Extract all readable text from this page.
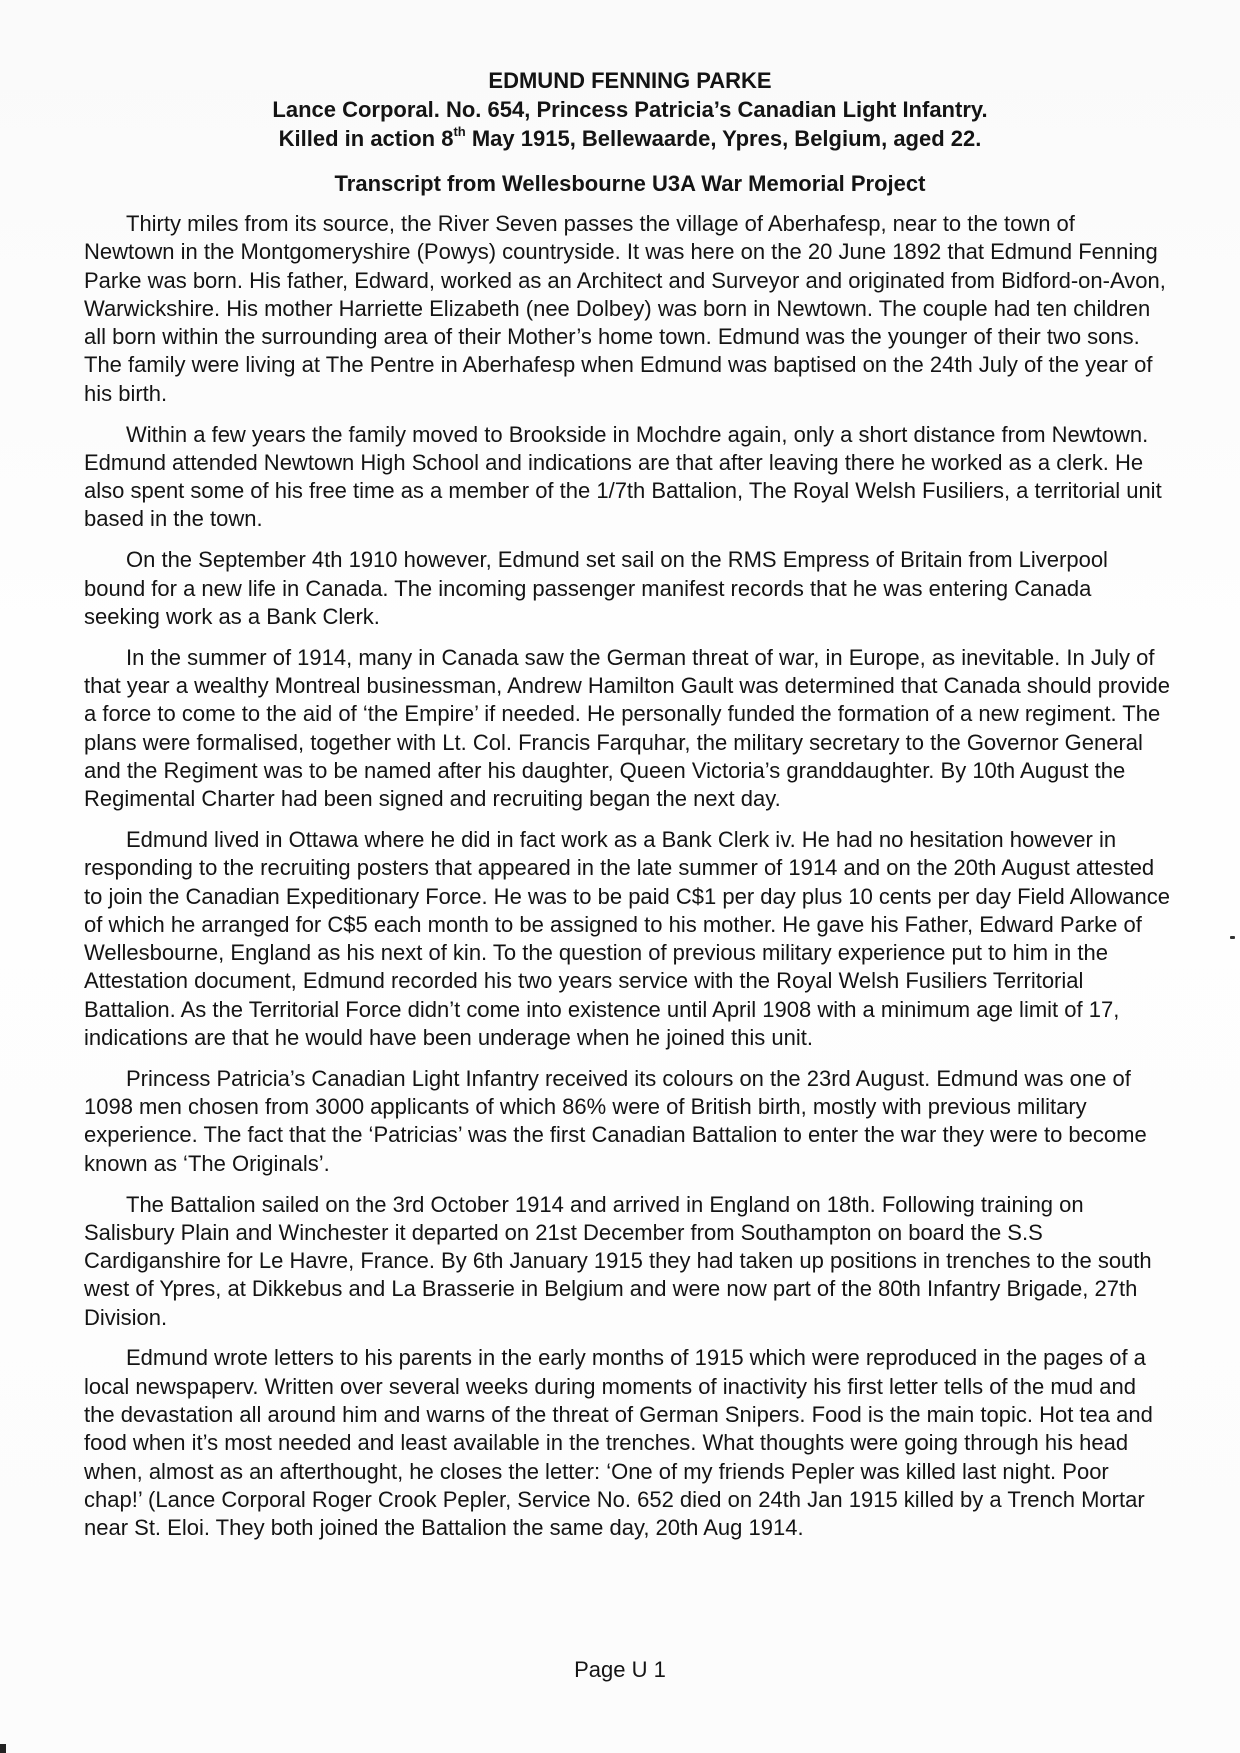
EDMUND FENNING PARKE
Lance Corporal. No. 654, Princess Patricia’s Canadian Light Infantry.
Killed in action 8th May 1915, Bellewaarde, Ypres, Belgium, aged 22.
Transcript from Wellesbourne U3A War Memorial Project

Thirty miles from its source, the River Seven passes the village of Aberhafesp, near to the town of Newtown in the Montgomeryshire (Powys) countryside. It was here on the 20 June 1892 that Edmund Fenning Parke was born. His father, Edward, worked as an Architect and Surveyor and originated from Bidford-on-Avon, Warwickshire. His mother Harriette Elizabeth (nee Dolbey) was born in Newtown. The couple had ten children all born within the surrounding area of their Mother’s home town. Edmund was the younger of their two sons. The family were living at The Pentre in Aberhafesp when Edmund was baptised on the 24th July of the year of his birth.

Within a few years the family moved to Brookside in Mochdre again, only a short distance from Newtown. Edmund attended Newtown High School and indications are that after leaving there he worked as a clerk. He also spent some of his free time as a member of the 1/7th Battalion, The Royal Welsh Fusiliers, a territorial unit based in the town.

On the September 4th 1910 however, Edmund set sail on the RMS Empress of Britain from Liverpool bound for a new life in Canada. The incoming passenger manifest records that he was entering Canada seeking work as a Bank Clerk.

In the summer of 1914, many in Canada saw the German threat of war, in Europe, as inevitable. In July of that year a wealthy Montreal businessman, Andrew Hamilton Gault was determined that Canada should provide a force to come to the aid of ‘the Empire’ if needed. He personally funded the formation of a new regiment. The plans were formalised, together with Lt. Col. Francis Farquhar, the military secretary to the Governor General and the Regiment was to be named after his daughter, Queen Victoria’s granddaughter. By 10th August the Regimental Charter had been signed and recruiting began the next day.

Edmund lived in Ottawa where he did in fact work as a Bank Clerk iv. He had no hesitation however in responding to the recruiting posters that appeared in the late summer of 1914 and on the 20th August attested to join the Canadian Expeditionary Force. He was to be paid C$1 per day plus 10 cents per day Field Allowance of which he arranged for C$5 each month to be assigned to his mother. He gave his Father, Edward Parke of Wellesbourne, England as his next of kin. To the question of previous military experience put to him in the Attestation document, Edmund recorded his two years service with the Royal Welsh Fusiliers Territorial Battalion. As the Territorial Force didn’t come into existence until April 1908 with a minimum age limit of 17, indications are that he would have been underage when he joined this unit.

Princess Patricia’s Canadian Light Infantry received its colours on the 23rd August. Edmund was one of 1098 men chosen from 3000 applicants of which 86% were of British birth, mostly with previous military experience. The fact that the ‘Patricias’ was the first Canadian Battalion to enter the war they were to become known as ‘The Originals’.

The Battalion sailed on the 3rd October 1914 and arrived in England on 18th. Following training on Salisbury Plain and Winchester it departed on 21st December from Southampton on board the S.S Cardiganshire for Le Havre, France. By 6th January 1915 they had taken up positions in trenches to the south west of Ypres, at Dikkebus and La Brasserie in Belgium and were now part of the 80th Infantry Brigade, 27th Division.

Edmund wrote letters to his parents in the early months of 1915 which were reproduced in the pages of a local newspaperv. Written over several weeks during moments of inactivity his first letter tells of the mud and the devastation all around him and warns of the threat of German Snipers. Food is the main topic. Hot tea and food when it’s most needed and least available in the trenches. What thoughts were going through his head when, almost as an afterthought, he closes the letter: ‘One of my friends Pepler was killed last night. Poor chap!’ (Lance Corporal Roger Crook Pepler, Service No. 652 died on 24th Jan 1915 killed by a Trench Mortar near St. Eloi. They both joined the Battalion the same day, 20th Aug 1914.

Page U 1
